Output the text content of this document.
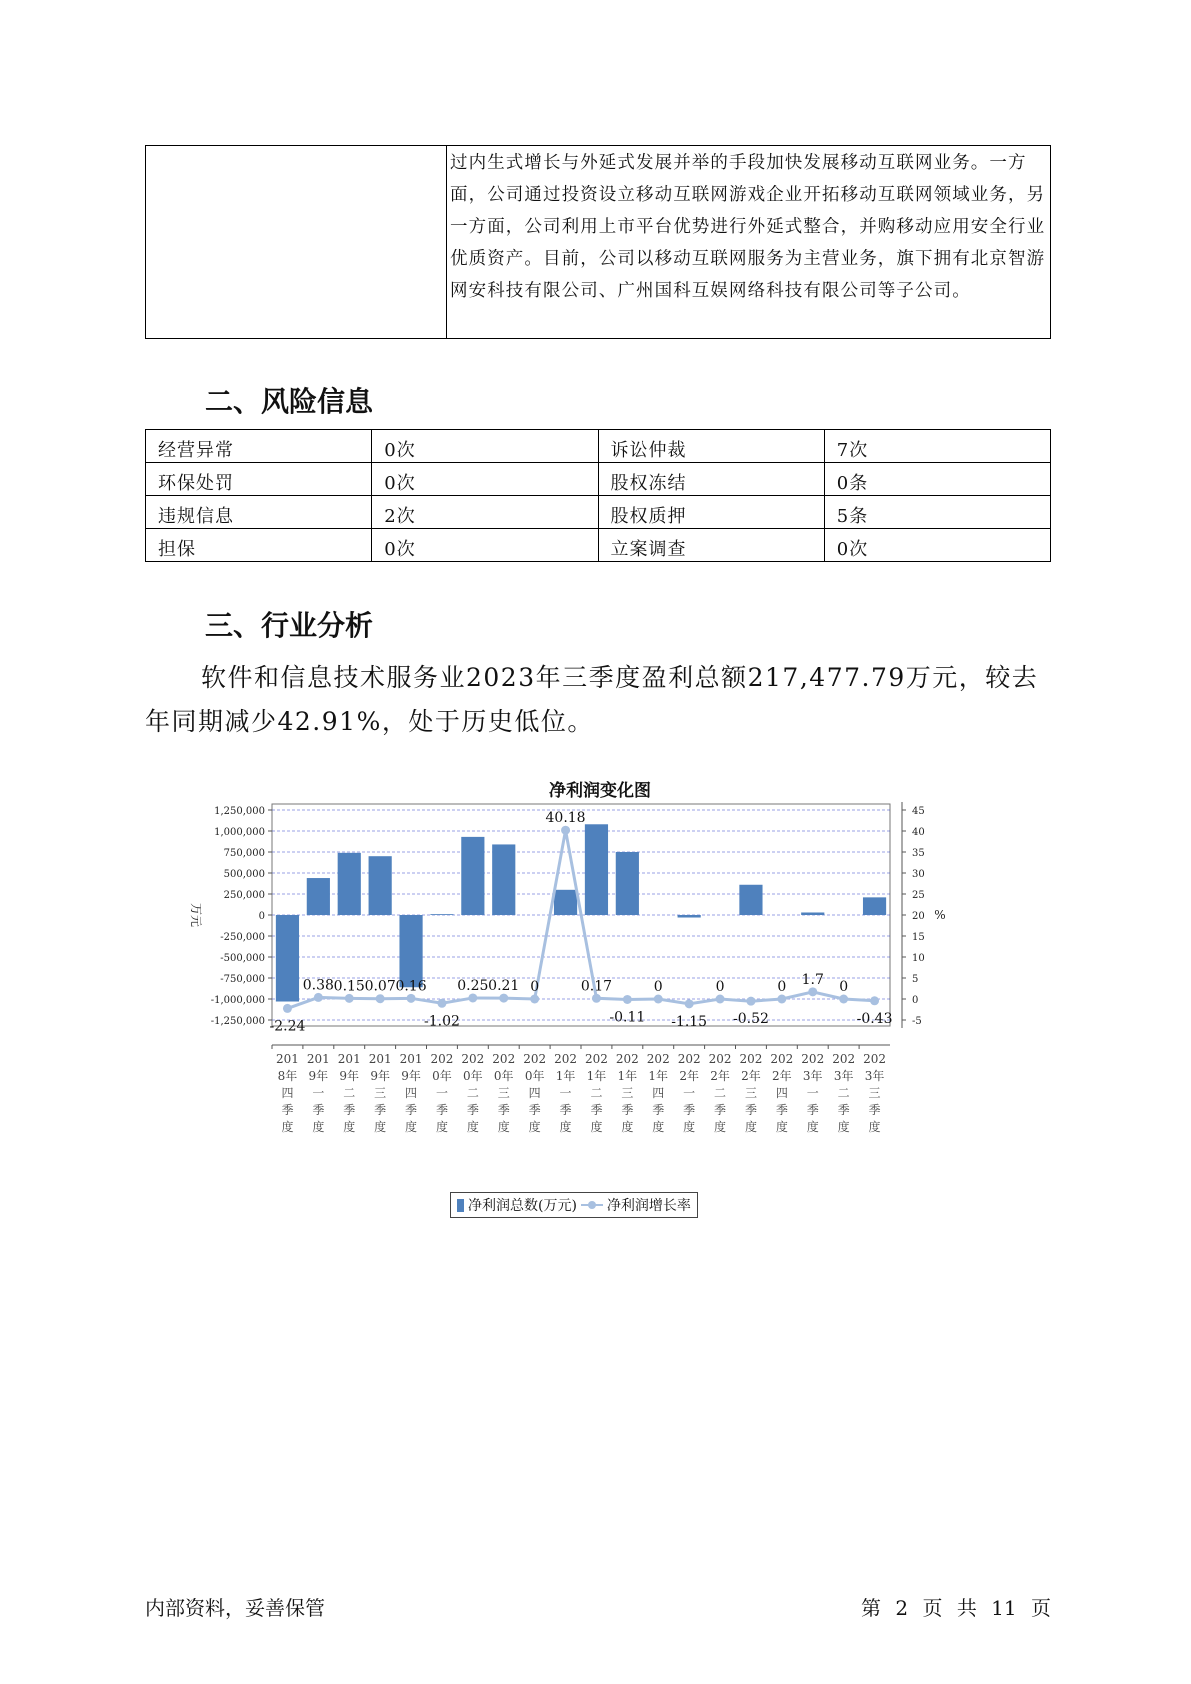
过内生式增长与外延式发展并举的手段加快发展移动互联网业务。一方面，公司通过投资设立移动互联网游戏企业开拓移动互联网领域业务，另一方面，公司利用上市平台优势进行外延式整合，并购移动应用安全行业优质资产。目前，公司以移动互联网服务为主营业务，旗下拥有北京智游网安科技有限公司、广州国科互娱网络科技有限公司等子公司。
二、风险信息
经营异常	0次	诉讼仲裁	7次
环保处罚	0次	股权冻结	0条
违规信息	2次	股权质押	5条
担保	0次	立案调查	0次
三、行业分析

软件和信息技术服务业2023年三季度盈利总额217,477.79万元，较去年同期减少42.91%，处于历史低位。

净利润变化图
1,250,000
1,000,000
750,000
500,000
250,000
0
-250,000
-500,000
-750,000
-1,000,000
-1,250,000
45
40
35
30
25
20
15
10
5
0
-5
万元	%
-2.24
0.38 0.15 0.07 0.16
-1.02
0.25 0.21 0
40.18
0.17
-0.11
0
-1.15
0
-0.52
0 1.7 0
-0.43
201
8年
四
季
度
201
9年
一
季
度
201
9年
二
季
度
201
9年
三
季
度
201
9年
四
季
度
202
0年
一
季
度
202
0年
二
季
度
202
0年
三
季
度
202
0年
四
季
度
202
1年
一
季
度
202
1年
二
季
度
202
1年
三
季
度
202
1年
四
季
度
202
2年
一
季
度
202
2年
二
季
度
202
2年
三
季
度
202
2年
四
季
度
202
3年
一
季
度
202
3年
二
季
度
202
3年
三
季
度
净利润总数(万元) 净利润增长率
内部资料，妥善保管	第 2 页 共 11 页
